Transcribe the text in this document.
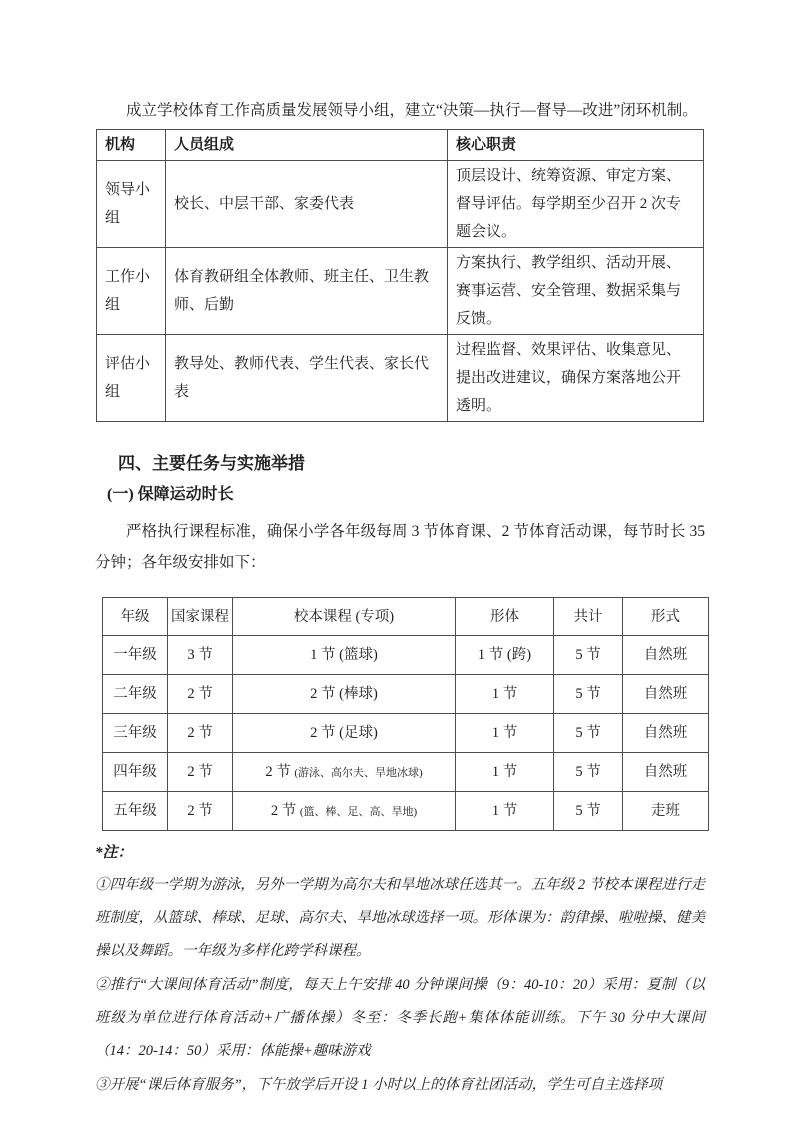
成立学校体育工作高质量发展领导小组，建立“决策—执行—督导—改进”闭环机制。

机构	人员组成	核心职责
领导小组	校长、中层干部、家委代表	顶层设计、统筹资源、审定方案、督导评估。每学期至少召开 2 次专题会议。
工作小组	体育教研组全体教师、班主任、卫生教师、后勤	方案执行、教学组织、活动开展、赛事运营、安全管理、数据采集与反馈。
评估小组	教导处、教师代表、学生代表、家长代表	过程监督、效果评估、收集意见、提出改进建议，确保方案落地公开透明。
四、主要任务与实施举措
(一) 保障运动时长

严格执行课程标准，确保小学各年级每周 3 节体育课、2 节体育活动课，每节时长 35 分钟；各年级安排如下：

年级	国家课程	校本课程 (专项)	形体	共计	形式
一年级	3 节	1 节 (篮球)	1 节 (跨)	5 节	自然班
二年级	2 节	2 节 (棒球)	1 节	5 节	自然班
三年级	2 节	2 节 (足球)	1 节	5 节	自然班
四年级	2 节	2 节 (游泳、高尔夫、旱地冰球)	1 节	5 节	自然班
五年级	2 节	2 节 (篮、棒、足、高、旱地)	1 节	5 节	走班

*注：

①四年级一学期为游泳，另外一学期为高尔夫和旱地冰球任选其一。五年级 2 节校本课程进行走班制度，从篮球、棒球、足球、高尔夫、旱地冰球选择一项。形体课为：韵律操、啦啦操、健美操以及舞蹈。一年级为多样化跨学科课程。

②推行“大课间体育活动”制度，每天上午安排 40 分钟课间操（9：40-10：20）采用：夏制（以班级为单位进行体育活动+广播体操）冬至：冬季长跑+集体体能训练。下午 30 分中大课间（14：20-14：50）采用：体能操+趣味游戏

③开展“课后体育服务”，下午放学后开设 1 小时以上的体育社团活动，学生可自主选择项
